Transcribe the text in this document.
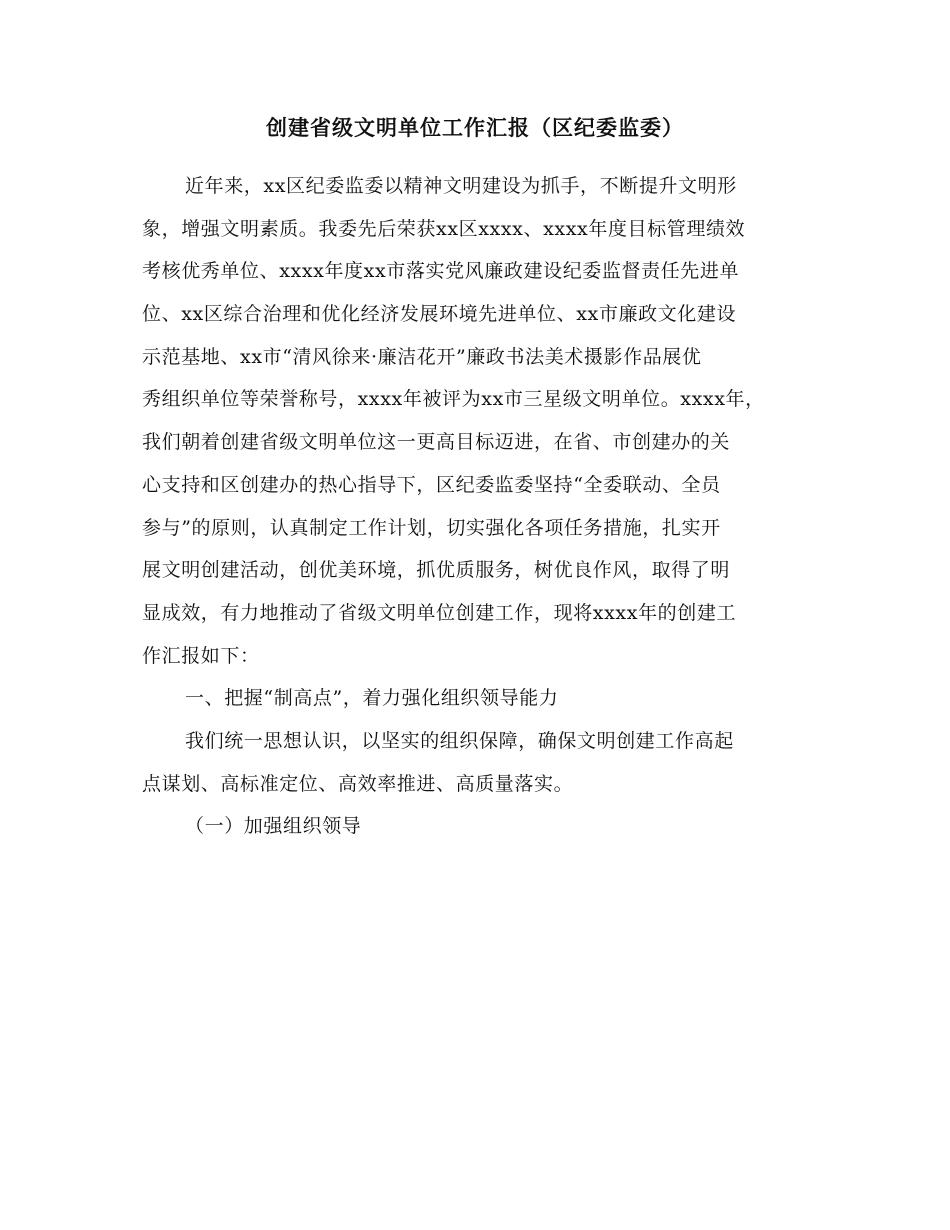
创建省级文明单位工作汇报（区纪委监委）
近年来，xx区纪委监委以精神文明建设为抓手，不断提升文明形
象，增强文明素质。我委先后荣获xx区xxxx、xxxx年度目标管理绩效
考核优秀单位、xxxx年度xx市落实党风廉政建设纪委监督责任先进单
位、xx区综合治理和优化经济发展环境先进单位、xx市廉政文化建设
示范基地、xx市“清风徐来·廉洁花开”廉政书法美术摄影作品展优
秀组织单位等荣誉称号，xxxx年被评为xx市三星级文明单位。xxxx年，
我们朝着创建省级文明单位这一更高目标迈进，在省、市创建办的关
心支持和区创建办的热心指导下，区纪委监委坚持“全委联动、全员
参与”的原则，认真制定工作计划，切实强化各项任务措施，扎实开
展文明创建活动，创优美环境，抓优质服务，树优良作风，取得了明
显成效，有力地推动了省级文明单位创建工作，现将xxxx年的创建工
作汇报如下：
一、把握“制高点”，着力强化组织领导能力
我们统一思想认识，以坚实的组织保障，确保文明创建工作高起
点谋划、高标准定位、高效率推进、高质量落实。
（一）加强组织领导
